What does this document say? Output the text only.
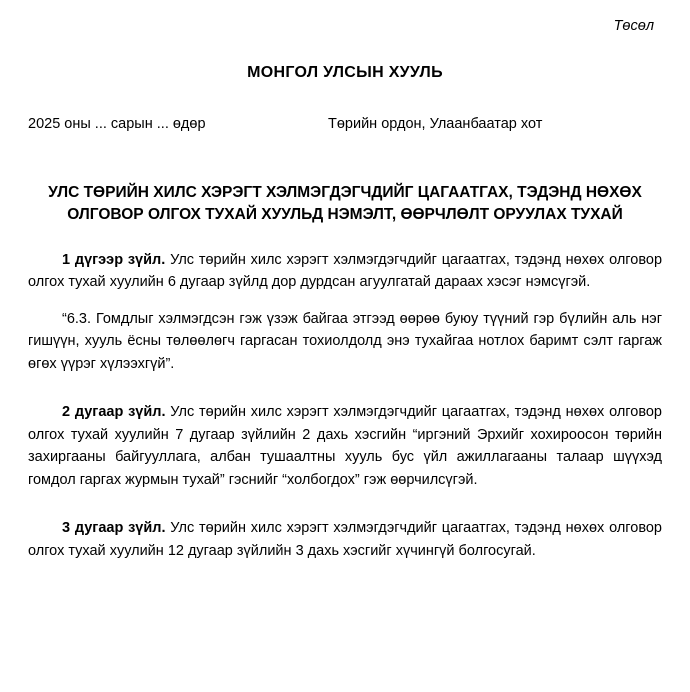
Төсөл
МОНГОЛ УЛСЫН ХУУЛЬ
2025 оны ... сарын ... өдөр	Төрийн ордон, Улаанбаатар хот
УЛС ТӨРИЙН ХИЛС ХЭРЭГТ ХЭЛМЭГДЭГЧДИЙГ ЦАГААТГАХ, ТЭДЭНД НӨХӨХ ОЛГОВОР ОЛГОХ ТУХАЙ ХУУЛЬД НЭМЭЛТ, ӨӨРЧЛӨЛТ ОРУУЛАХ ТУХАЙ
1 дүгээр зүйл. Улс төрийн хилс хэрэгт хэлмэгдэгчдийг цагаатгах, тэдэнд нөхөх олговор олгох тухай хуулийн 6 дугаар зүйлд дор дурдсан агуулгатай дараах хэсэг нэмсүгэй.
“6.3. Гомдлыг хэлмэгдсэн гэж үзэж байгаа этгээд өөрөө буюу түүний гэр бүлийн аль нэг гишүүн, хууль ёсны төлөөлөгч гаргасан тохиолдолд энэ тухайгаа нотлох баримт сэлт гаргаж өгөх үүрэг хүлээхгүй”.
2 дугаар зүйл. Улс төрийн хилс хэрэгт хэлмэгдэгчдийг цагаатгах, тэдэнд нөхөх олговор олгох тухай хуулийн 7 дугаар зүйлийн 2 дахь хэсгийн “иргэний Эрхийг хохироосон төрийн захиргааны байгууллага, албан тушаалтны хууль бус үйл ажиллагааны талаар шүүхэд гомдол гаргах журмын тухай” гэснийг “холбогдох” гэж өөрчилсүгэй.
3 дугаар зүйл. Улс төрийн хилс хэрэгт хэлмэгдэгчдийг цагаатгах, тэдэнд нөхөх олговор олгох тухай хуулийн 12 дугаар зүйлийн 3 дахь хэсгийг хүчингүй болгосугай.
